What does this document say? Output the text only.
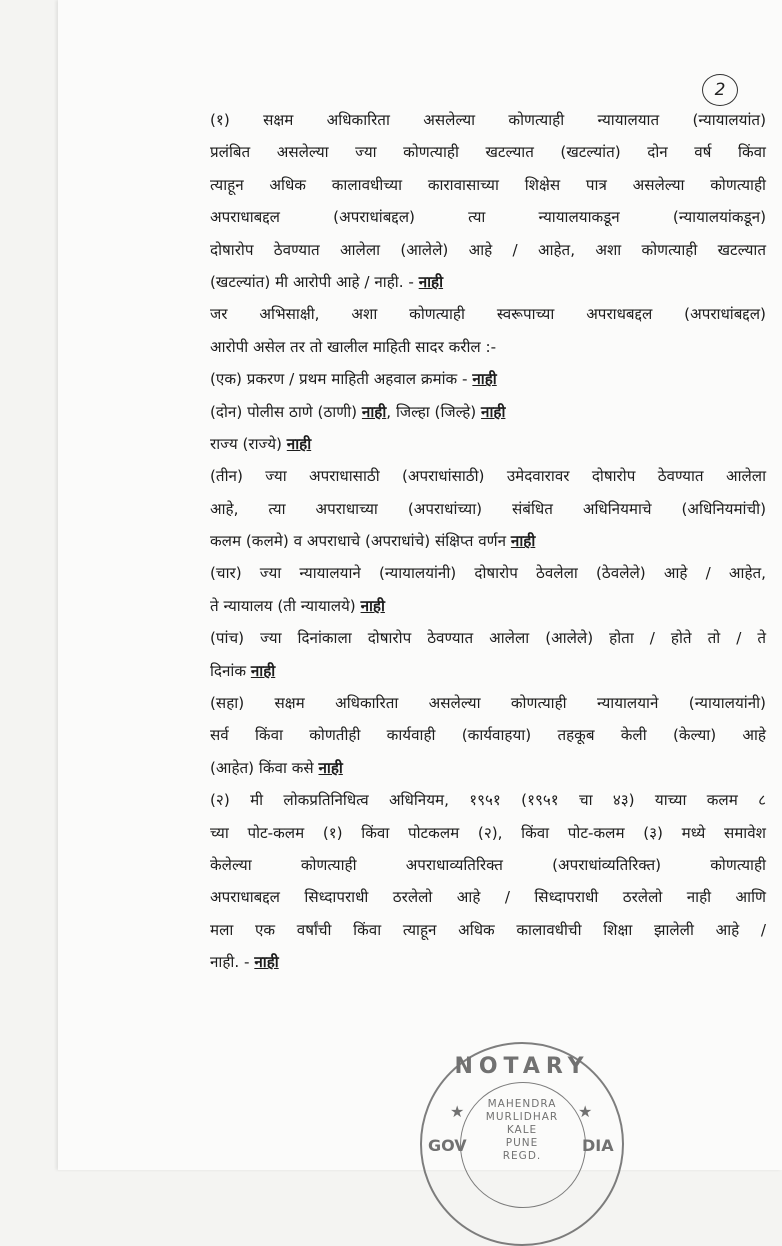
2
(१) सक्षम अधिकारिता असलेल्या कोणत्याही न्यायालयात (न्यायालयांत)
प्रलंबित असलेल्या ज्या कोणत्याही खटल्यात (खटल्यांत) दोन वर्ष किंवा
त्याहून अधिक कालावधीच्या कारावासाच्या शिक्षेस पात्र असलेल्या कोणत्याही
अपराधाबद्दल (अपराधांबद्दल) त्या न्यायालयाकडून (न्यायालयांकडून)
दोषारोप ठेवण्यात आलेला (आलेले) आहे / आहेत, अशा कोणत्याही खटल्यात
(खटल्यांत) मी आरोपी आहे / नाही. - नाही
जर अभिसाक्षी, अशा कोणत्याही स्वरूपाच्या अपराधबद्दल (अपराधांबद्दल)
आरोपी असेल तर तो खालील माहिती सादर करील :-
(एक) प्रकरण / प्रथम माहिती अहवाल क्रमांक - नाही
(दोन) पोलीस ठाणे (ठाणी) नाही, जिल्हा (जिल्हे) नाही
राज्य (राज्ये) नाही
(तीन) ज्या अपराधासाठी (अपराधांसाठी) उमेदवारावर दोषारोप ठेवण्यात आलेला
आहे, त्या अपराधाच्या (अपराधांच्या) संबंधित अधिनियमाचे (अधिनियमांची)
कलम (कलमे) व अपराधाचे (अपराधांचे) संक्षिप्त वर्णन नाही
(चार) ज्या न्यायालयाने (न्यायालयांनी) दोषारोप ठेवलेला (ठेवलेले) आहे / आहेत,
ते न्यायालय (ती न्यायालये) नाही
(पांच) ज्या दिनांकाला दोषारोप ठेवण्यात आलेला (आलेले) होता / होते तो / ते
दिनांक नाही
(सहा) सक्षम अधिकारिता असलेल्या कोणत्याही न्यायालयाने (न्यायालयांनी)
सर्व किंवा कोणतीही कार्यवाही (कार्यवाहया) तहकूब केली (केल्या) आहे
(आहेत) किंवा कसे नाही
(२) मी लोकप्रतिनिधित्व अधिनियम, १९५१ (१९५१ चा ४३) याच्या कलम ८
च्या पोट-कलम (१) किंवा पोटकलम (२), किंवा पोट-कलम (३) मध्ये समावेश
केलेल्या कोणत्याही अपराधाव्यतिरिक्त (अपराधांव्यतिरिक्त) कोणत्याही
अपराधाबद्दल सिध्दापराधी ठरलेलो आहे / सिध्दापराधी ठरलेलो नाही आणि
मला एक वर्षांची किंवा त्याहून अधिक कालावधीची शिक्षा झालेली आहे /
नाही. - नाही
NOTARY
★	★
MAHENDRA
MURLIDHAR
KALE
PUNE
REGD.
GOV	DIA
